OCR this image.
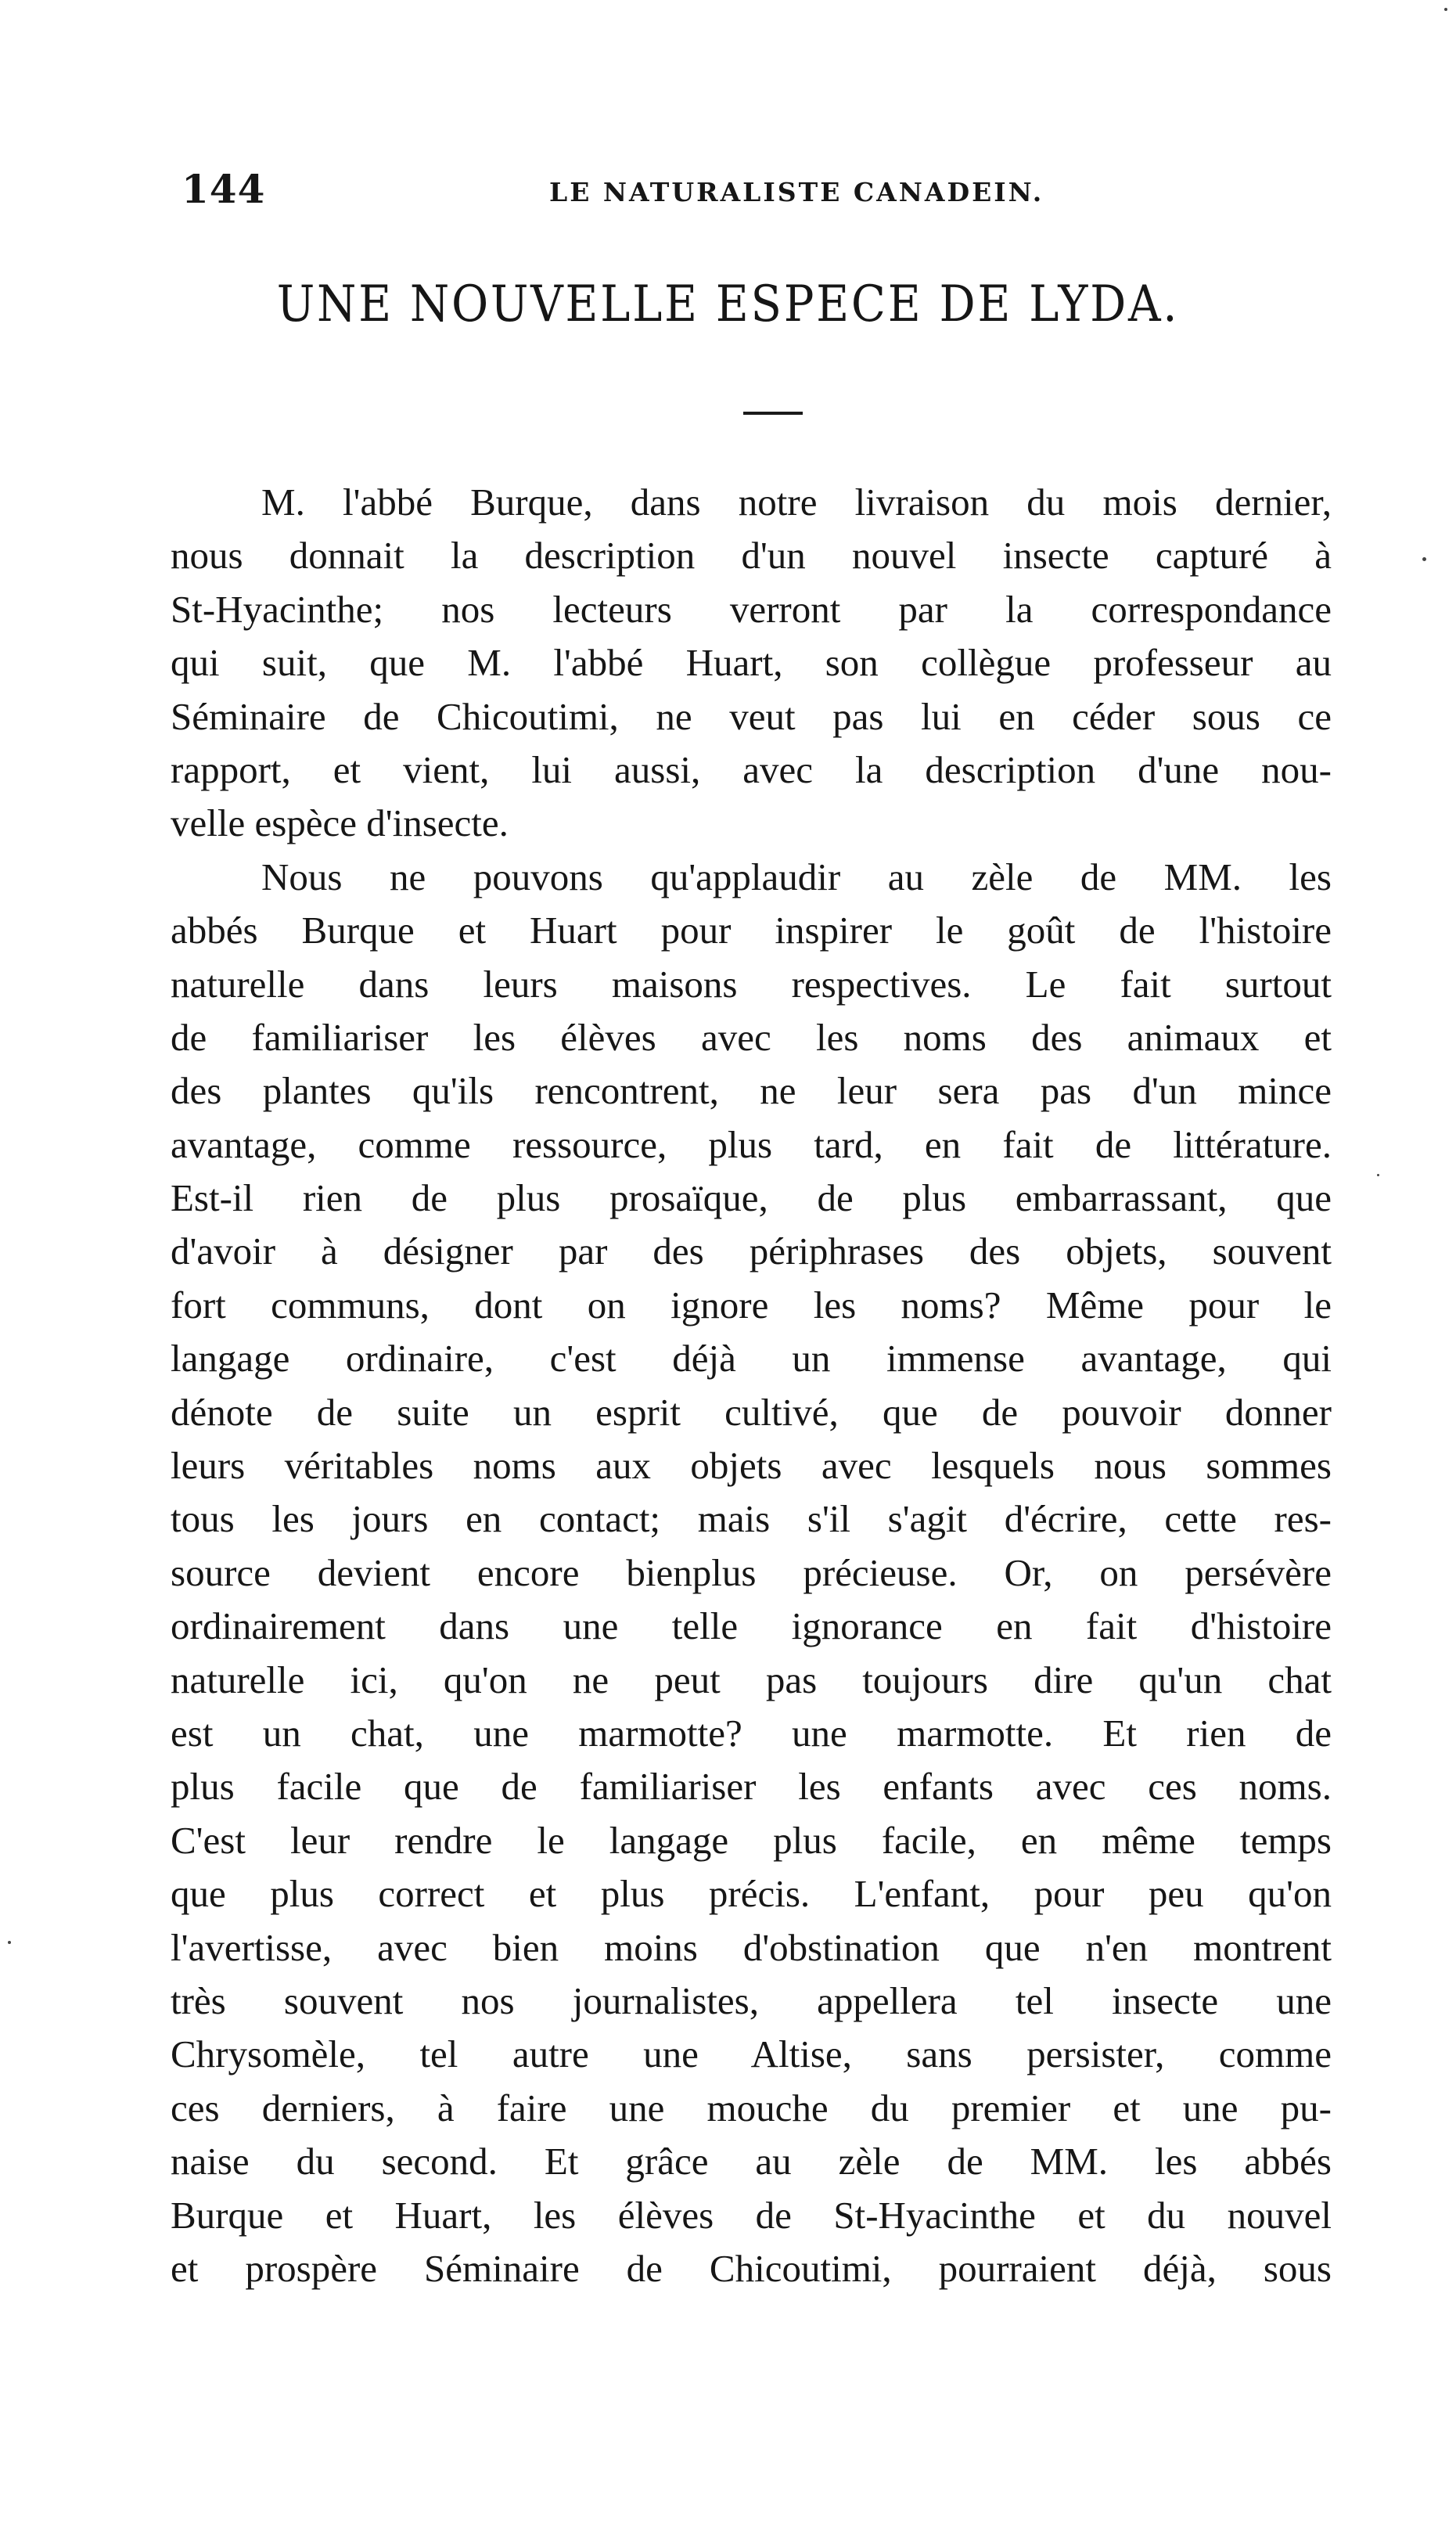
144	LE NATURALISTE CANADEIN.
UNE NOUVELLE ESPECE DE LYDA.
M. l'abbé Burque, dans notre livraison du mois dernier,
nous donnait la description d'un nouvel insecte capturé à
St-Hyacinthe; nos lecteurs verront par la correspondance
qui suit, que M. l'abbé Huart, son collègue professeur au
Séminaire de Chicoutimi, ne veut pas lui en céder sous ce
rapport, et vient, lui aussi, avec la description d'une nou-
velle espèce d'insecte.
Nous ne pouvons qu'applaudir au zèle de MM. les
abbés Burque et Huart pour inspirer le goût de l'histoire
naturelle dans leurs maisons respectives. Le fait surtout
de familiariser les élèves avec les noms des animaux et
des plantes qu'ils rencontrent, ne leur sera pas d'un mince
avantage, comme ressource, plus tard, en fait de littérature.
Est-il rien de plus prosaïque, de plus embarrassant, que
d'avoir à désigner par des périphrases des objets, souvent
fort communs, dont on ignore les noms? Même pour le
langage ordinaire, c'est déjà un immense avantage, qui
dénote de suite un esprit cultivé, que de pouvoir donner
leurs véritables noms aux objets avec lesquels nous sommes
tous les jours en contact; mais s'il s'agit d'écrire, cette res-
source devient encore bienplus précieuse. Or, on persévère
ordinairement dans une telle ignorance en fait d'histoire
naturelle ici, qu'on ne peut pas toujours dire qu'un chat
est un chat, une marmotte? une marmotte. Et rien de
plus facile que de familiariser les enfants avec ces noms.
C'est leur rendre le langage plus facile, en même temps
que plus correct et plus précis. L'enfant, pour peu qu'on
l'avertisse, avec bien moins d'obstination que n'en montrent
très souvent nos journalistes, appellera tel insecte une
Chrysomèle, tel autre une Altise, sans persister, comme
ces derniers, à faire une mouche du premier et une pu-
naise du second. Et grâce au zèle de MM. les abbés
Burque et Huart, les élèves de St-Hyacinthe et du nouvel
et prospère Séminaire de Chicoutimi, pourraient déjà, sous
